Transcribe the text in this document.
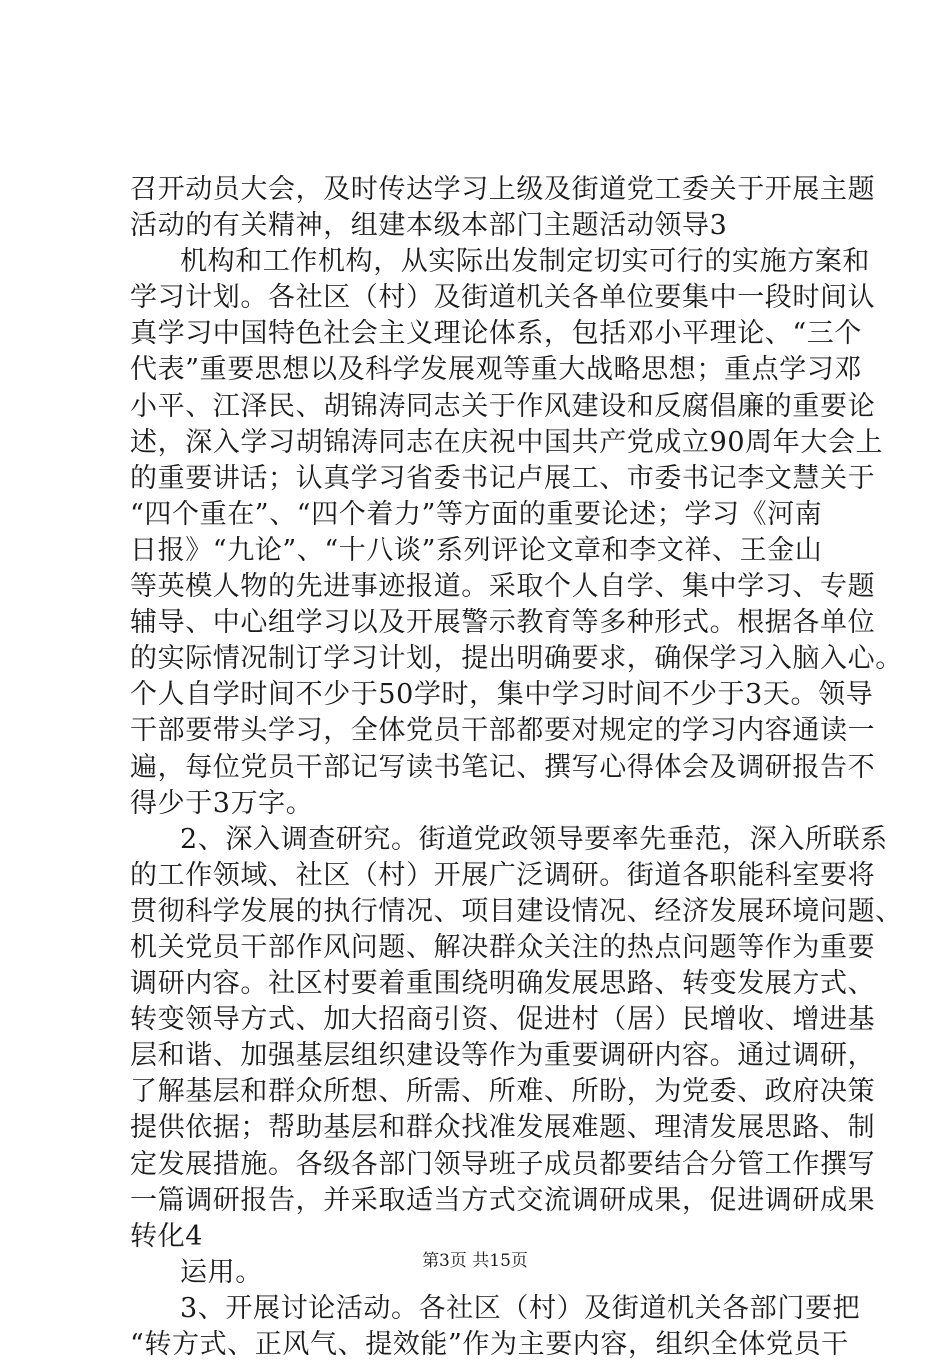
召开动员大会，及时传达学习上级及街道党工委关于开展主题
活动的有关精神，组建本级本部门主题活动领导3
机构和工作机构，从实际出发制定切实可行的实施方案和
学习计划。各社区（村）及街道机关各单位要集中一段时间认
真学习中国特色社会主义理论体系，包括邓小平理论、“三个
代表”重要思想以及科学发展观等重大战略思想；重点学习邓
小平、江泽民、胡锦涛同志关于作风建设和反腐倡廉的重要论
述，深入学习胡锦涛同志在庆祝中国共产党成立90周年大会上
的重要讲话；认真学习省委书记卢展工、市委书记李文慧关于
“四个重在”、“四个着力”等方面的重要论述；学习《河南
日报》“九论”、“十八谈”系列评论文章和李文祥、王金山
等英模人物的先进事迹报道。采取个人自学、集中学习、专题
辅导、中心组学习以及开展警示教育等多种形式。根据各单位
的实际情况制订学习计划，提出明确要求，确保学习入脑入心。
个人自学时间不少于50学时，集中学习时间不少于3天。领导
干部要带头学习，全体党员干部都要对规定的学习内容通读一
遍，每位党员干部记写读书笔记、撰写心得体会及调研报告不
得少于3万字。
2、深入调查研究。街道党政领导要率先垂范，深入所联系
的工作领域、社区（村）开展广泛调研。街道各职能科室要将
贯彻科学发展的执行情况、项目建设情况、经济发展环境问题、
机关党员干部作风问题、解决群众关注的热点问题等作为重要
调研内容。社区村要着重围绕明确发展思路、转变发展方式、
转变领导方式、加大招商引资、促进村（居）民增收、增进基
层和谐、加强基层组织建设等作为重要调研内容。通过调研，
了解基层和群众所想、所需、所难、所盼，为党委、政府决策
提供依据；帮助基层和群众找准发展难题、理清发展思路、制
定发展措施。各级各部门领导班子成员都要结合分管工作撰写
一篇调研报告，并采取适当方式交流调研成果，促进调研成果
转化4
运用。
3、开展讨论活动。各社区（村）及街道机关各部门要把
“转方式、正风气、提效能”作为主要内容，组织全体党员干
第3页 共15页
